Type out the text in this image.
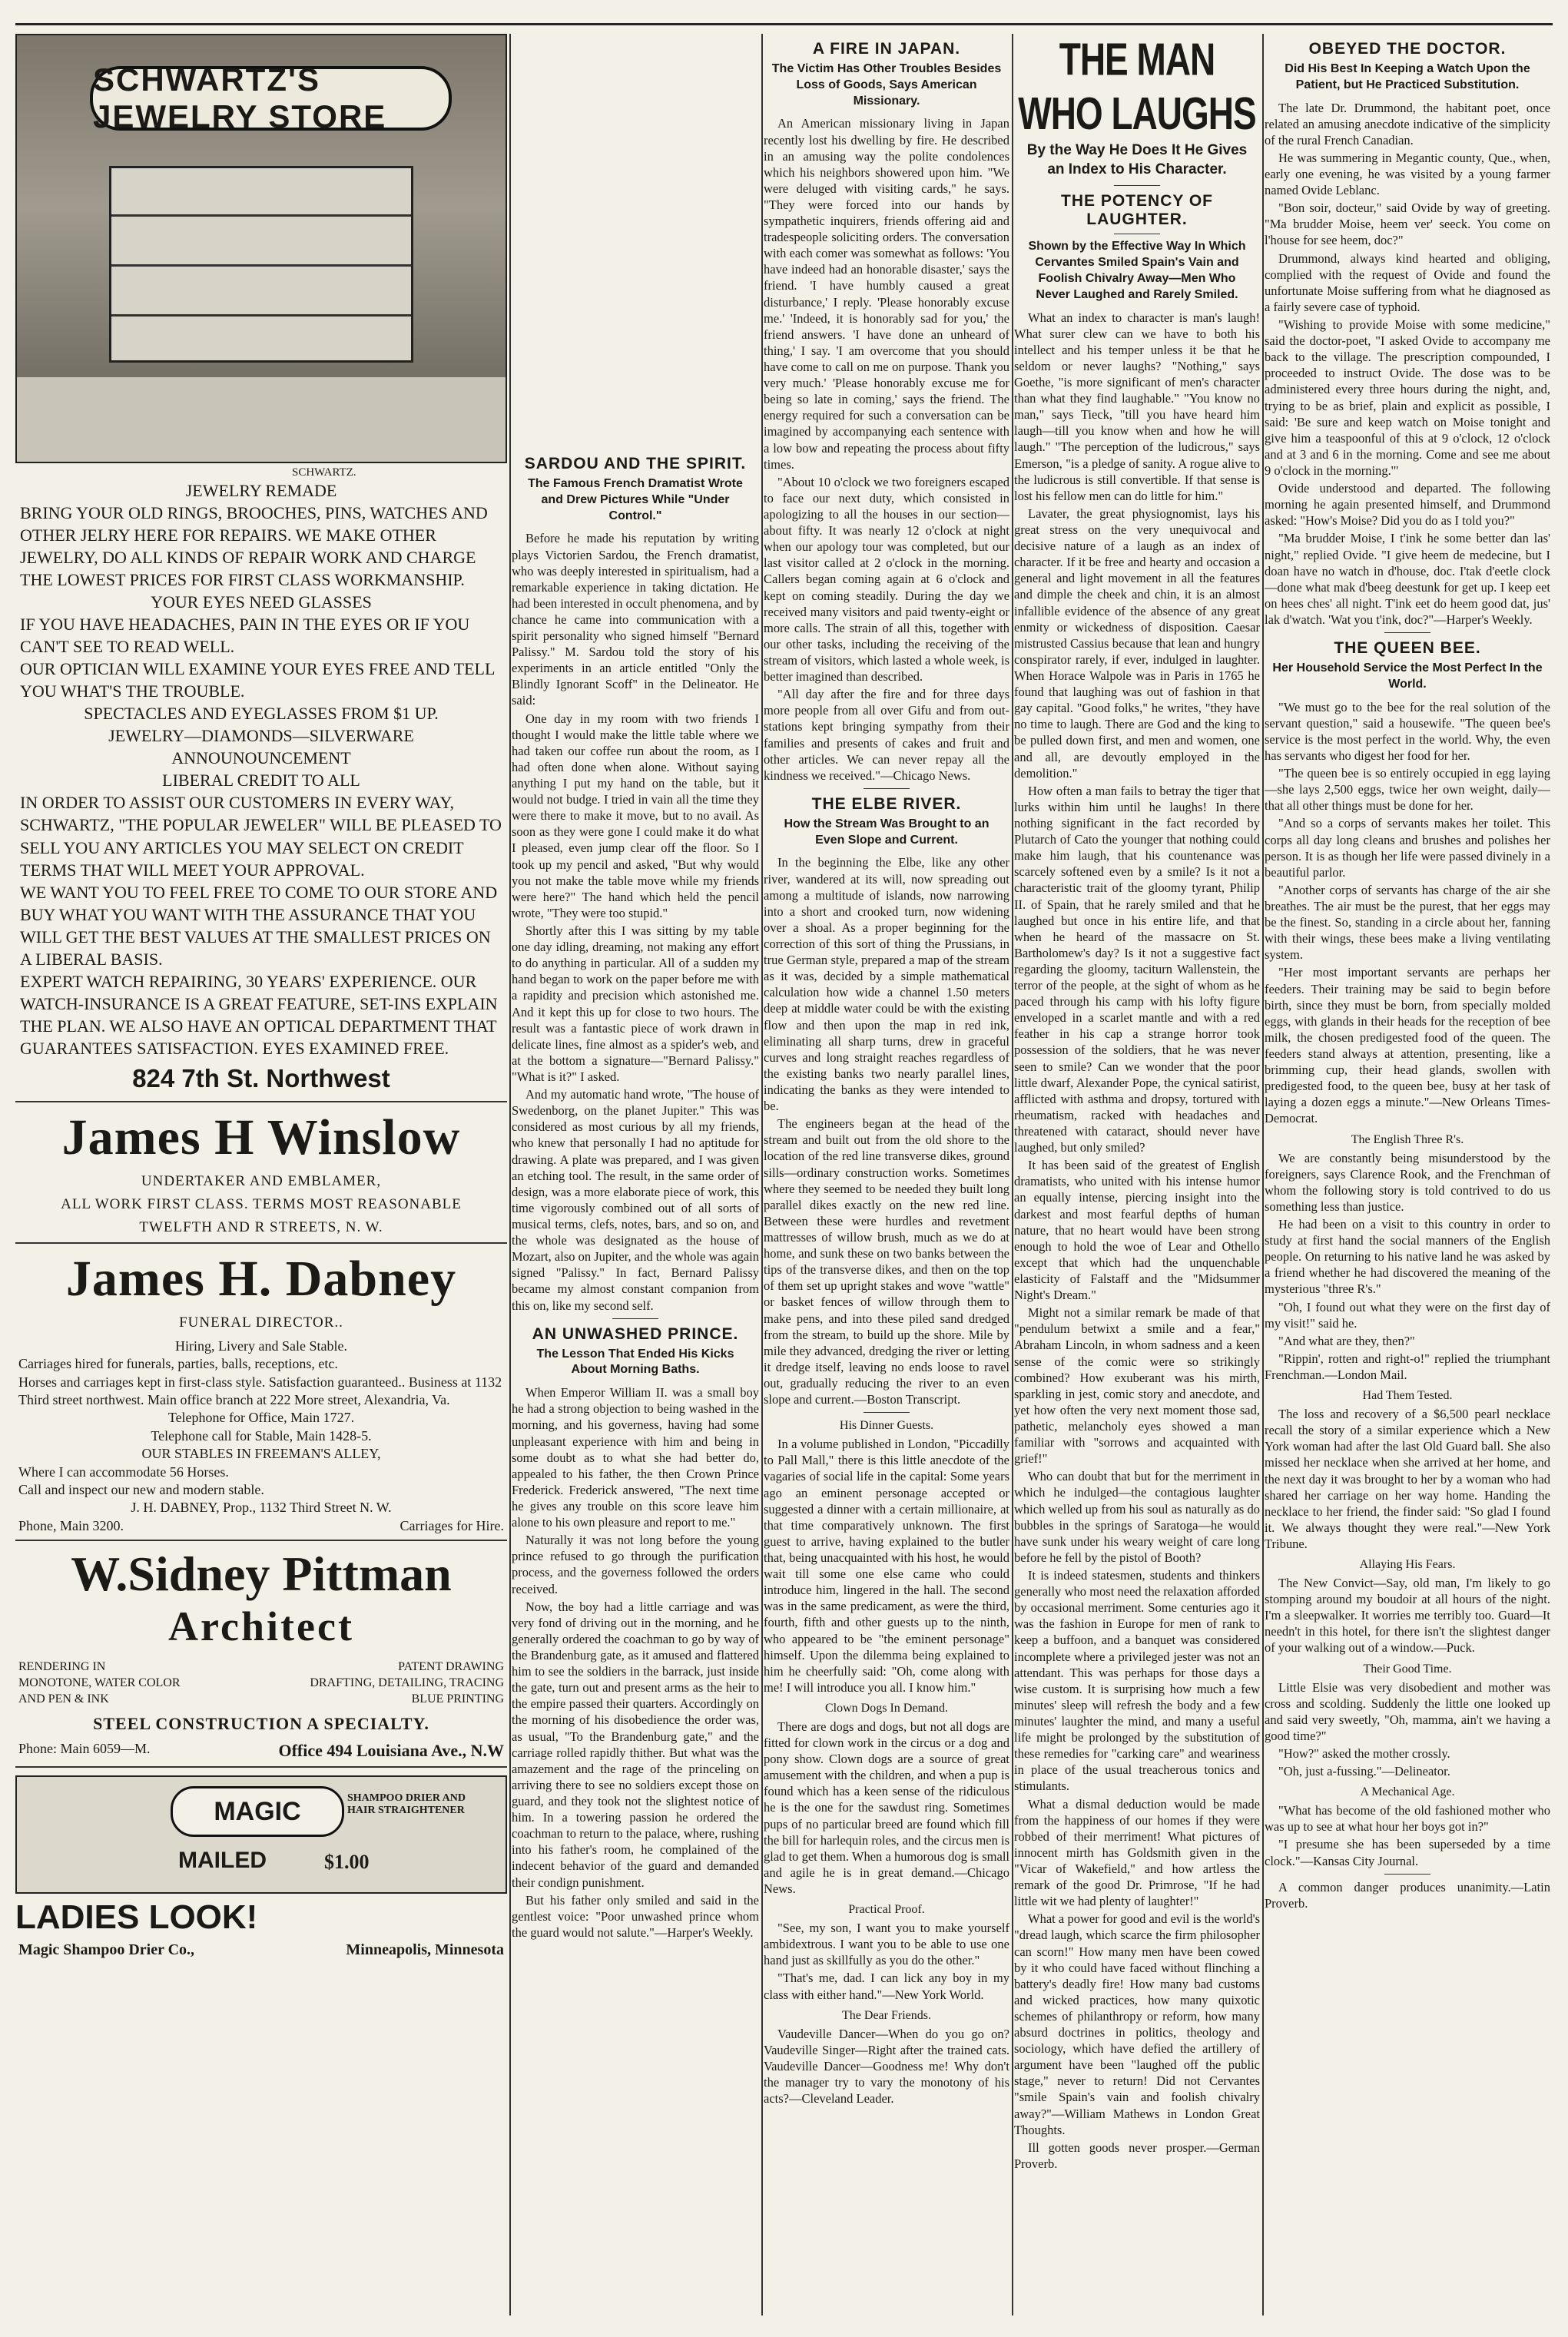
SCHWARTZ'S JEWELRY STORE
SCHWARTZ.
JEWELRY REMADE
BRING YOUR OLD RINGS, BROOCHES, PINS, WATCHES AND OTHER JELRY HERE FOR REPAIRS. WE MAKE OTHER JEWELRY, DO ALL KINDS OF REPAIR WORK AND CHARGE THE LOWEST PRICES FOR FIRST CLASS WORKMANSHIP.
YOUR EYES NEED GLASSES
IF YOU HAVE HEADACHES, PAIN IN THE EYES OR IF YOU CAN'T SEE TO READ WELL.
OUR OPTICIAN WILL EXAMINE YOUR EYES FREE AND TELL YOU WHAT'S THE TROUBLE.
SPECTACLES AND EYEGLASSES FROM $1 UP.
JEWELRY—DIAMONDS—SILVERWARE
ANNOUNOUNCEMENT
LIBERAL CREDIT TO ALL
IN ORDER TO ASSIST OUR CUSTOMERS IN EVERY WAY, SCHWARTZ, "THE POPULAR JEWELER" WILL BE PLEASED TO SELL YOU ANY ARTICLES YOU MAY SELECT ON CREDIT TERMS THAT WILL MEET YOUR APPROVAL.
WE WANT YOU TO FEEL FREE TO COME TO OUR STORE AND BUY WHAT YOU WANT WITH THE ASSURANCE THAT YOU WILL GET THE BEST VALUES AT THE SMALLEST PRICES ON A LIBERAL BASIS.
EXPERT WATCH REPAIRING, 30 YEARS' EXPERIENCE. OUR WATCH-INSURANCE IS A GREAT FEATURE, SET-INS EXPLAIN THE PLAN. WE ALSO HAVE AN OPTICAL DEPARTMENT THAT GUARANTEES SATISFACTION. EYES EXAMINED FREE.
824 7th St. Northwest
James H Winslow
UNDERTAKER AND EMBLAMER,
ALL WORK FIRST CLASS. TERMS MOST REASONABLE
TWELFTH AND R STREETS, N. W.
James H. Dabney
FUNERAL DIRECTOR..
Hiring, Livery and Sale Stable.
Carriages hired for funerals, parties, balls, receptions, etc.
Horses and carriages kept in first-class style. Satisfaction guaranteed.. Business at 1132 Third street northwest. Main office branch at 222 More street, Alexandria, Va.
Telephone for Office, Main 1727.
Telephone call for Stable, Main 1428-5.
OUR STABLES IN FREEMAN'S ALLEY,
Where I can accommodate 56 Horses.
Call and inspect our new and modern stable.
J. H. DABNEY, Prop., 1132 Third Street N. W.
Phone, Main 3200.	Carriages for Hire.
W.Sidney Pittman
Architect
RENDERING IN
MONOTONE, WATER COLOR
AND PEN & INK
PATENT DRAWING
DRAFTING, DETAILING, TRACING
BLUE PRINTING
STEEL CONSTRUCTION A SPECIALTY.
Phone: Main 6059—M.	Office 494 Louisiana Ave., N.W
MAGIC	SHAMPOO DRIER AND HAIR STRAIGHTENER
MAILED	$1.00
LADIES LOOK!
Magic Shampoo Drier Co.,	Minneapolis, Minnesota
SARDOU AND THE SPIRIT.
The Famous French Dramatist Wrote and Drew Pictures While "Under Control."

Before he made his reputation by writing plays Victorien Sardou, the French dramatist, who was deeply interested in spiritualism, had a remarkable experience in taking dictation. He had been interested in occult phenomena, and by chance he came into communication with a spirit personality who signed himself "Bernard Palissy." M. Sardou told the story of his experiments in an article entitled "Only the Blindly Ignorant Scoff" in the Delineator. He said:

One day in my room with two friends I thought I would make the little table where we had taken our coffee run about the room, as I had often done when alone. Without saying anything I put my hand on the table, but it would not budge. I tried in vain all the time they were there to make it move, but to no avail. As soon as they were gone I could make it do what I pleased, even jump clear off the floor. So I took up my pencil and asked, "But why would you not make the table move while my friends were here?" The hand which held the pencil wrote, "They were too stupid."

Shortly after this I was sitting by my table one day idling, dreaming, not making any effort to do anything in particular. All of a sudden my hand began to work on the paper before me with a rapidity and precision which astonished me. And it kept this up for close to two hours. The result was a fantastic piece of work drawn in delicate lines, fine almost as a spider's web, and at the bottom a signature—"Bernard Palissy." "What is it?" I asked.

And my automatic hand wrote, "The house of Swedenborg, on the planet Jupiter." This was considered as most curious by all my friends, who knew that personally I had no aptitude for drawing. A plate was prepared, and I was given an etching tool. The result, in the same order of design, was a more elaborate piece of work, this time vigorously combined out of all sorts of musical terms, clefs, notes, bars, and so on, and the whole was designated as the house of Mozart, also on Jupiter, and the whole was again signed "Palissy." In fact, Bernard Palissy became my almost constant companion from this on, like my second self.

AN UNWASHED PRINCE.
The Lesson That Ended His Kicks About Morning Baths.

When Emperor William II. was a small boy he had a strong objection to being washed in the morning, and his governess, having had some unpleasant experience with him and being in some doubt as to what she had better do, appealed to his father, the then Crown Prince Frederick. Frederick answered, "The next time he gives any trouble on this score leave him alone to his own pleasure and report to me."

Naturally it was not long before the young prince refused to go through the purification process, and the governess followed the orders received.

Now, the boy had a little carriage and was very fond of driving out in the morning, and he generally ordered the coachman to go by way of the Brandenburg gate, as it amused and flattered him to see the soldiers in the barrack, just inside the gate, turn out and present arms as the heir to the empire passed their quarters. Accordingly on the morning of his disobedience the order was, as usual, "To the Brandenburg gate," and the carriage rolled rapidly thither. But what was the amazement and the rage of the princeling on arriving there to see no soldiers except those on guard, and they took not the slightest notice of him. In a towering passion he ordered the coachman to return to the palace, where, rushing into his father's room, he complained of the indecent behavior of the guard and demanded their condign punishment.

But his father only smiled and said in the gentlest voice: "Poor unwashed prince whom the guard would not salute."—Harper's Weekly.

A FIRE IN JAPAN.
The Victim Has Other Troubles Besides Loss of Goods, Says American Missionary.

An American missionary living in Japan recently lost his dwelling by fire. He described in an amusing way the polite condolences which his neighbors showered upon him. "We were deluged with visiting cards," he says. "They were forced into our hands by sympathetic inquirers, friends offering aid and tradespeople soliciting orders. The conversation with each comer was somewhat as follows: 'You have indeed had an honorable disaster,' says the friend. 'I have humbly caused a great disturbance,' I reply. 'Please honorably excuse me.' 'Indeed, it is honorably sad for you,' the friend answers. 'I have done an unheard of thing,' I say. 'I am overcome that you should have come to call on me on purpose. Thank you very much.' 'Please honorably excuse me for being so late in coming,' says the friend. The energy required for such a conversation can be imagined by accompanying each sentence with a low bow and repeating the process about fifty times.

"About 10 o'clock we two foreigners escaped to face our next duty, which consisted in apologizing to all the houses in our section—about fifty. It was nearly 12 o'clock at night when our apology tour was completed, but our last visitor called at 2 o'clock in the morning. Callers began coming again at 6 o'clock and kept on coming steadily. During the day we received many visitors and paid twenty-eight or more calls. The strain of all this, together with our other tasks, including the receiving of the stream of visitors, which lasted a whole week, is better imagined than described.

"All day after the fire and for three days more people from all over Gifu and from out-stations kept bringing sympathy from their families and presents of cakes and fruit and other articles. We can never repay all the kindness we received."—Chicago News.

THE ELBE RIVER.
How the Stream Was Brought to an Even Slope and Current.

In the beginning the Elbe, like any other river, wandered at its will, now spreading out among a multitude of islands, now narrowing into a short and crooked turn, now widening over a shoal. As a proper beginning for the correction of this sort of thing the Prussians, in true German style, prepared a map of the stream as it was, decided by a simple mathematical calculation how wide a channel 1.50 meters deep at middle water could be with the existing flow and then upon the map in red ink, eliminating all sharp turns, drew in graceful curves and long straight reaches regardless of the existing banks two nearly parallel lines, indicating the banks as they were intended to be.

The engineers began at the head of the stream and built out from the old shore to the location of the red line transverse dikes, ground sills—ordinary construction works. Sometimes where they seemed to be needed they built long parallel dikes exactly on the new red line. Between these were hurdles and revetment mattresses of willow brush, much as we do at home, and sunk these on two banks between the tips of the transverse dikes, and then on the top of them set up upright stakes and wove "wattle" or basket fences of willow through them to make pens, and into these piled sand dredged from the stream, to build up the shore. Mile by mile they advanced, dredging the river or letting it dredge itself, leaving no ends loose to ravel out, gradually reducing the river to an even slope and current.—Boston Transcript.

His Dinner Guests.

In a volume published in London, "Piccadilly to Pall Mall," there is this little anecdote of the vagaries of social life in the capital: Some years ago an eminent personage accepted or suggested a dinner with a certain millionaire, at that time comparatively unknown. The first guest to arrive, having explained to the butler that, being unacquainted with his host, he would wait till some one else came who could introduce him, lingered in the hall. The second was in the same predicament, as were the third, fourth, fifth and other guests up to the ninth, who appeared to be "the eminent personage" himself. Upon the dilemma being explained to him he cheerfully said: "Oh, come along with me! I will introduce you all. I know him."

Clown Dogs In Demand.

There are dogs and dogs, but not all dogs are fitted for clown work in the circus or a dog and pony show. Clown dogs are a source of great amusement with the children, and when a pup is found which has a keen sense of the ridiculous he is the one for the sawdust ring. Sometimes pups of no particular breed are found which fill the bill for harlequin roles, and the circus men is glad to get them. When a humorous dog is small and agile he is in great demand.—Chicago News.

Practical Proof.

"See, my son, I want you to make yourself ambidextrous. I want you to be able to use one hand just as skillfully as you do the other."

"That's me, dad. I can lick any boy in my class with either hand."—New York World.

The Dear Friends.

Vaudeville Dancer—When do you go on? Vaudeville Singer—Right after the trained cats. Vaudeville Dancer—Goodness me! Why don't the manager try to vary the monotony of his acts?—Cleveland Leader.

THE MAN WHO LAUGHS
By the Way He Does It He Gives an Index to His Character.
THE POTENCY OF LAUGHTER.
Shown by the Effective Way In Which Cervantes Smiled Spain's Vain and Foolish Chivalry Away—Men Who Never Laughed and Rarely Smiled.

What an index to character is man's laugh! What surer clew can we have to both his intellect and his temper unless it be that he seldom or never laughs? "Nothing," says Goethe, "is more significant of men's character than what they find laughable." "You know no man," says Tieck, "till you have heard him laugh—till you know when and how he will laugh." "The perception of the ludicrous," says Emerson, "is a pledge of sanity. A rogue alive to the ludicrous is still convertible. If that sense is lost his fellow men can do little for him."

Lavater, the great physiognomist, lays his great stress on the very unequivocal and decisive nature of a laugh as an index of character. If it be free and hearty and occasion a general and light movement in all the features and dimple the cheek and chin, it is an almost infallible evidence of the absence of any great enmity or wickedness of disposition. Caesar mistrusted Cassius because that lean and hungry conspirator rarely, if ever, indulged in laughter. When Horace Walpole was in Paris in 1765 he found that laughing was out of fashion in that gay capital. "Good folks," he writes, "they have no time to laugh. There are God and the king to be pulled down first, and men and women, one and all, are devoutly employed in the demolition."

How often a man fails to betray the tiger that lurks within him until he laughs! In there nothing significant in the fact recorded by Plutarch of Cato the younger that nothing could make him laugh, that his countenance was scarcely softened even by a smile? Is it not a characteristic trait of the gloomy tyrant, Philip II. of Spain, that he rarely smiled and that he laughed but once in his entire life, and that when he heard of the massacre on St. Bartholomew's day? Is it not a suggestive fact regarding the gloomy, taciturn Wallenstein, the terror of the people, at the sight of whom as he paced through his camp with his lofty figure enveloped in a scarlet mantle and with a red feather in his cap a strange horror took possession of the soldiers, that he was never seen to smile? Can we wonder that the poor little dwarf, Alexander Pope, the cynical satirist, afflicted with asthma and dropsy, tortured with rheumatism, racked with headaches and threatened with cataract, should never have laughed, but only smiled?

It has been said of the greatest of English dramatists, who united with his intense humor an equally intense, piercing insight into the darkest and most fearful depths of human nature, that no heart would have been strong enough to hold the woe of Lear and Othello except that which had the unquenchable elasticity of Falstaff and the "Midsummer Night's Dream."

Might not a similar remark be made of that "pendulum betwixt a smile and a fear," Abraham Lincoln, in whom sadness and a keen sense of the comic were so strikingly combined? How exuberant was his mirth, sparkling in jest, comic story and anecdote, and yet how often the very next moment those sad, pathetic, melancholy eyes showed a man familiar with "sorrows and acquainted with grief!"

Who can doubt that but for the merriment in which he indulged—the contagious laughter which welled up from his soul as naturally as do bubbles in the springs of Saratoga—he would have sunk under his weary weight of care long before he fell by the pistol of Booth?

It is indeed statesmen, students and thinkers generally who most need the relaxation afforded by occasional merriment. Some centuries ago it was the fashion in Europe for men of rank to keep a buffoon, and a banquet was considered incomplete where a privileged jester was not an attendant. This was perhaps for those days a wise custom. It is surprising how much a few minutes' sleep will refresh the body and a few minutes' laughter the mind, and many a useful life might be prolonged by the substitution of these remedies for "carking care" and weariness in place of the usual treacherous tonics and stimulants.

What a dismal deduction would be made from the happiness of our homes if they were robbed of their merriment! What pictures of innocent mirth has Goldsmith given in the "Vicar of Wakefield," and how artless the remark of the good Dr. Primrose, "If he had little wit we had plenty of laughter!"

What a power for good and evil is the world's "dread laugh, which scarce the firm philosopher can scorn!" How many men have been cowed by it who could have faced without flinching a battery's deadly fire! How many bad customs and wicked practices, how many quixotic schemes of philanthropy or reform, how many absurd doctrines in politics, theology and sociology, which have defied the artillery of argument have been "laughed off the public stage," never to return! Did not Cervantes "smile Spain's vain and foolish chivalry away?"—William Mathews in London Great Thoughts.

Ill gotten goods never prosper.—German Proverb.

OBEYED THE DOCTOR.
Did His Best In Keeping a Watch Upon the Patient, but He Practiced Substitution.

The late Dr. Drummond, the habitant poet, once related an amusing anecdote indicative of the simplicity of the rural French Canadian.

He was summering in Megantic county, Que., when, early one evening, he was visited by a young farmer named Ovide Leblanc.

"Bon soir, docteur," said Ovide by way of greeting. "Ma brudder Moise, heem ver' seeck. You come on l'house for see heem, doc?"

Drummond, always kind hearted and obliging, complied with the request of Ovide and found the unfortunate Moise suffering from what he diagnosed as a fairly severe case of typhoid.

"Wishing to provide Moise with some medicine," said the doctor-poet, "I asked Ovide to accompany me back to the village. The prescription compounded, I proceeded to instruct Ovide. The dose was to be administered every three hours during the night, and, trying to be as brief, plain and explicit as possible, I said: 'Be sure and keep watch on Moise tonight and give him a teaspoonful of this at 9 o'clock, 12 o'clock and at 3 and 6 in the morning. Come and see me about 9 o'clock in the morning.'"

Ovide understood and departed. The following morning he again presented himself, and Drummond asked: "How's Moise? Did you do as I told you?"

"Ma brudder Moise, I t'ink he some better dan las' night," replied Ovide. "I give heem de medecine, but I doan have no watch in d'house, doc. I'tak d'eetle clock—done what mak d'beeg deestunk for get up. I keep eet on hees ches' all night. T'ink eet do heem good dat, jus' lak d'watch. 'Wat you t'ink, doc?"—Harper's Weekly.

THE QUEEN BEE.
Her Household Service the Most Perfect In the World.

"We must go to the bee for the real solution of the servant question," said a housewife. "The queen bee's service is the most perfect in the world. Why, the even has servants who digest her food for her.

"The queen bee is so entirely occupied in egg laying—she lays 2,500 eggs, twice her own weight, daily—that all other things must be done for her.

"And so a corps of servants makes her toilet. This corps all day long cleans and brushes and polishes her person. It is as though her life were passed divinely in a beautiful parlor.

"Another corps of servants has charge of the air she breathes. The air must be the purest, that her eggs may be the finest. So, standing in a circle about her, fanning with their wings, these bees make a living ventilating system.

"Her most important servants are perhaps her feeders. Their training may be said to begin before birth, since they must be born, from specially molded eggs, with glands in their heads for the reception of bee milk, the chosen predigested food of the queen. The feeders stand always at attention, presenting, like a brimming cup, their head glands, swollen with predigested food, to the queen bee, busy at her task of laying a dozen eggs a minute."—New Orleans Times-Democrat.

The English Three R's.

We are constantly being misunderstood by the foreigners, says Clarence Rook, and the Frenchman of whom the following story is told contrived to do us something less than justice.

He had been on a visit to this country in order to study at first hand the social manners of the English people. On returning to his native land he was asked by a friend whether he had discovered the meaning of the mysterious "three R's."

"Oh, I found out what they were on the first day of my visit!" said he.

"And what are they, then?"

"Rippin', rotten and right-o!" replied the triumphant Frenchman.—London Mail.

Had Them Tested.

The loss and recovery of a $6,500 pearl necklace recall the story of a similar experience which a New York woman had after the last Old Guard ball. She also missed her necklace when she arrived at her home, and the next day it was brought to her by a woman who had shared her carriage on her way home. Handing the necklace to her friend, the finder said: "So glad I found it. We always thought they were real."—New York Tribune.

Allaying His Fears.

The New Convict—Say, old man, I'm likely to go stomping around my boudoir at all hours of the night. I'm a sleepwalker. It worries me terribly too. Guard—It needn't in this hotel, for there isn't the slightest danger of your walking out of a window.—Puck.

Their Good Time.

Little Elsie was very disobedient and mother was cross and scolding. Suddenly the little one looked up and said very sweetly, "Oh, mamma, ain't we having a good time?"

"How?" asked the mother crossly.

"Oh, just a-fussing."—Delineator.

A Mechanical Age.

"What has become of the old fashioned mother who was up to see at what hour her boys got in?"

"I presume she has been superseded by a time clock."—Kansas City Journal.

A common danger produces unanimity.—Latin Proverb.
